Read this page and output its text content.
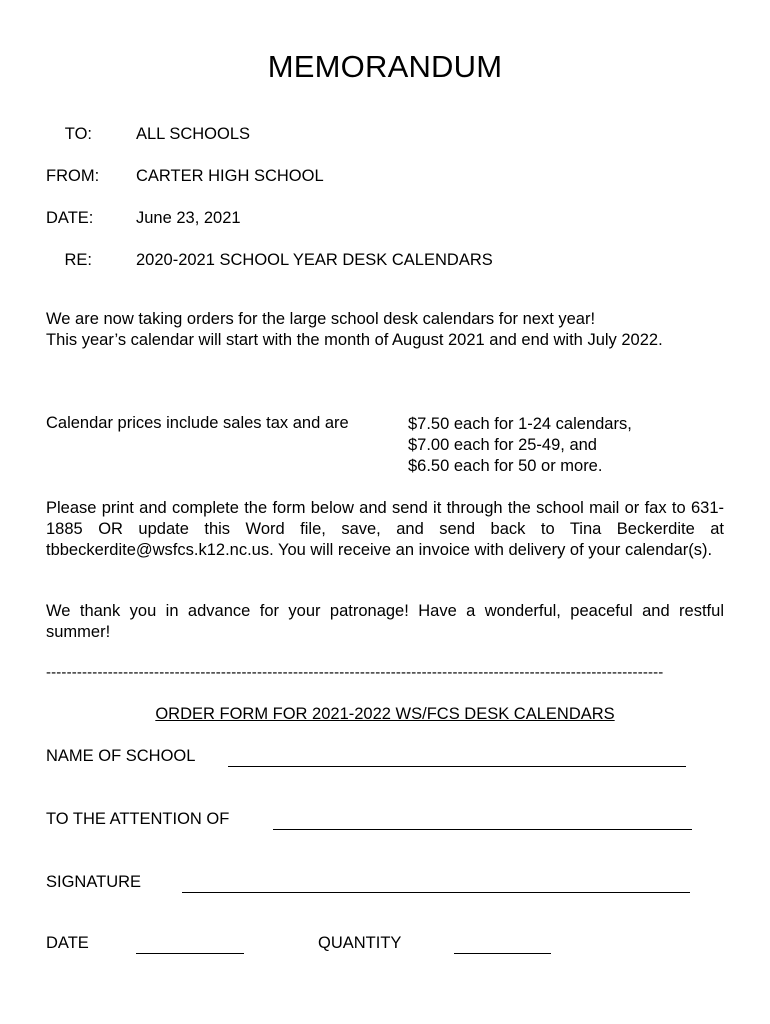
MEMORANDUM
TO:	ALL SCHOOLS
FROM:	CARTER HIGH SCHOOL
DATE:	June 23, 2021
RE:	2020-2021 SCHOOL YEAR DESK CALENDARS
We are now taking orders for the large school desk calendars for next year!
This year’s calendar will start with the month of August 2021 and end with July 2022.
Calendar prices include sales tax and are	$7.50 each for 1-24 calendars,
$7.00 each for 25-49, and
$6.50 each for 50 or more.
Please print and complete the form below and send it through the school mail or fax to 631-1885 OR update this Word file, save, and send back to Tina Beckerdite at tbbeckerdite@wsfcs.k12.nc.us. You will receive an invoice with delivery of your calendar(s).
We thank you in advance for your patronage! Have a wonderful, peaceful and restful summer!
------------------------------------------------------------------------------------------------------------------------
ORDER FORM FOR 2021-2022 WS/FCS DESK CALENDARS
NAME OF SCHOOL
TO THE ATTENTION OF
SIGNATURE
DATE	QUANTITY
